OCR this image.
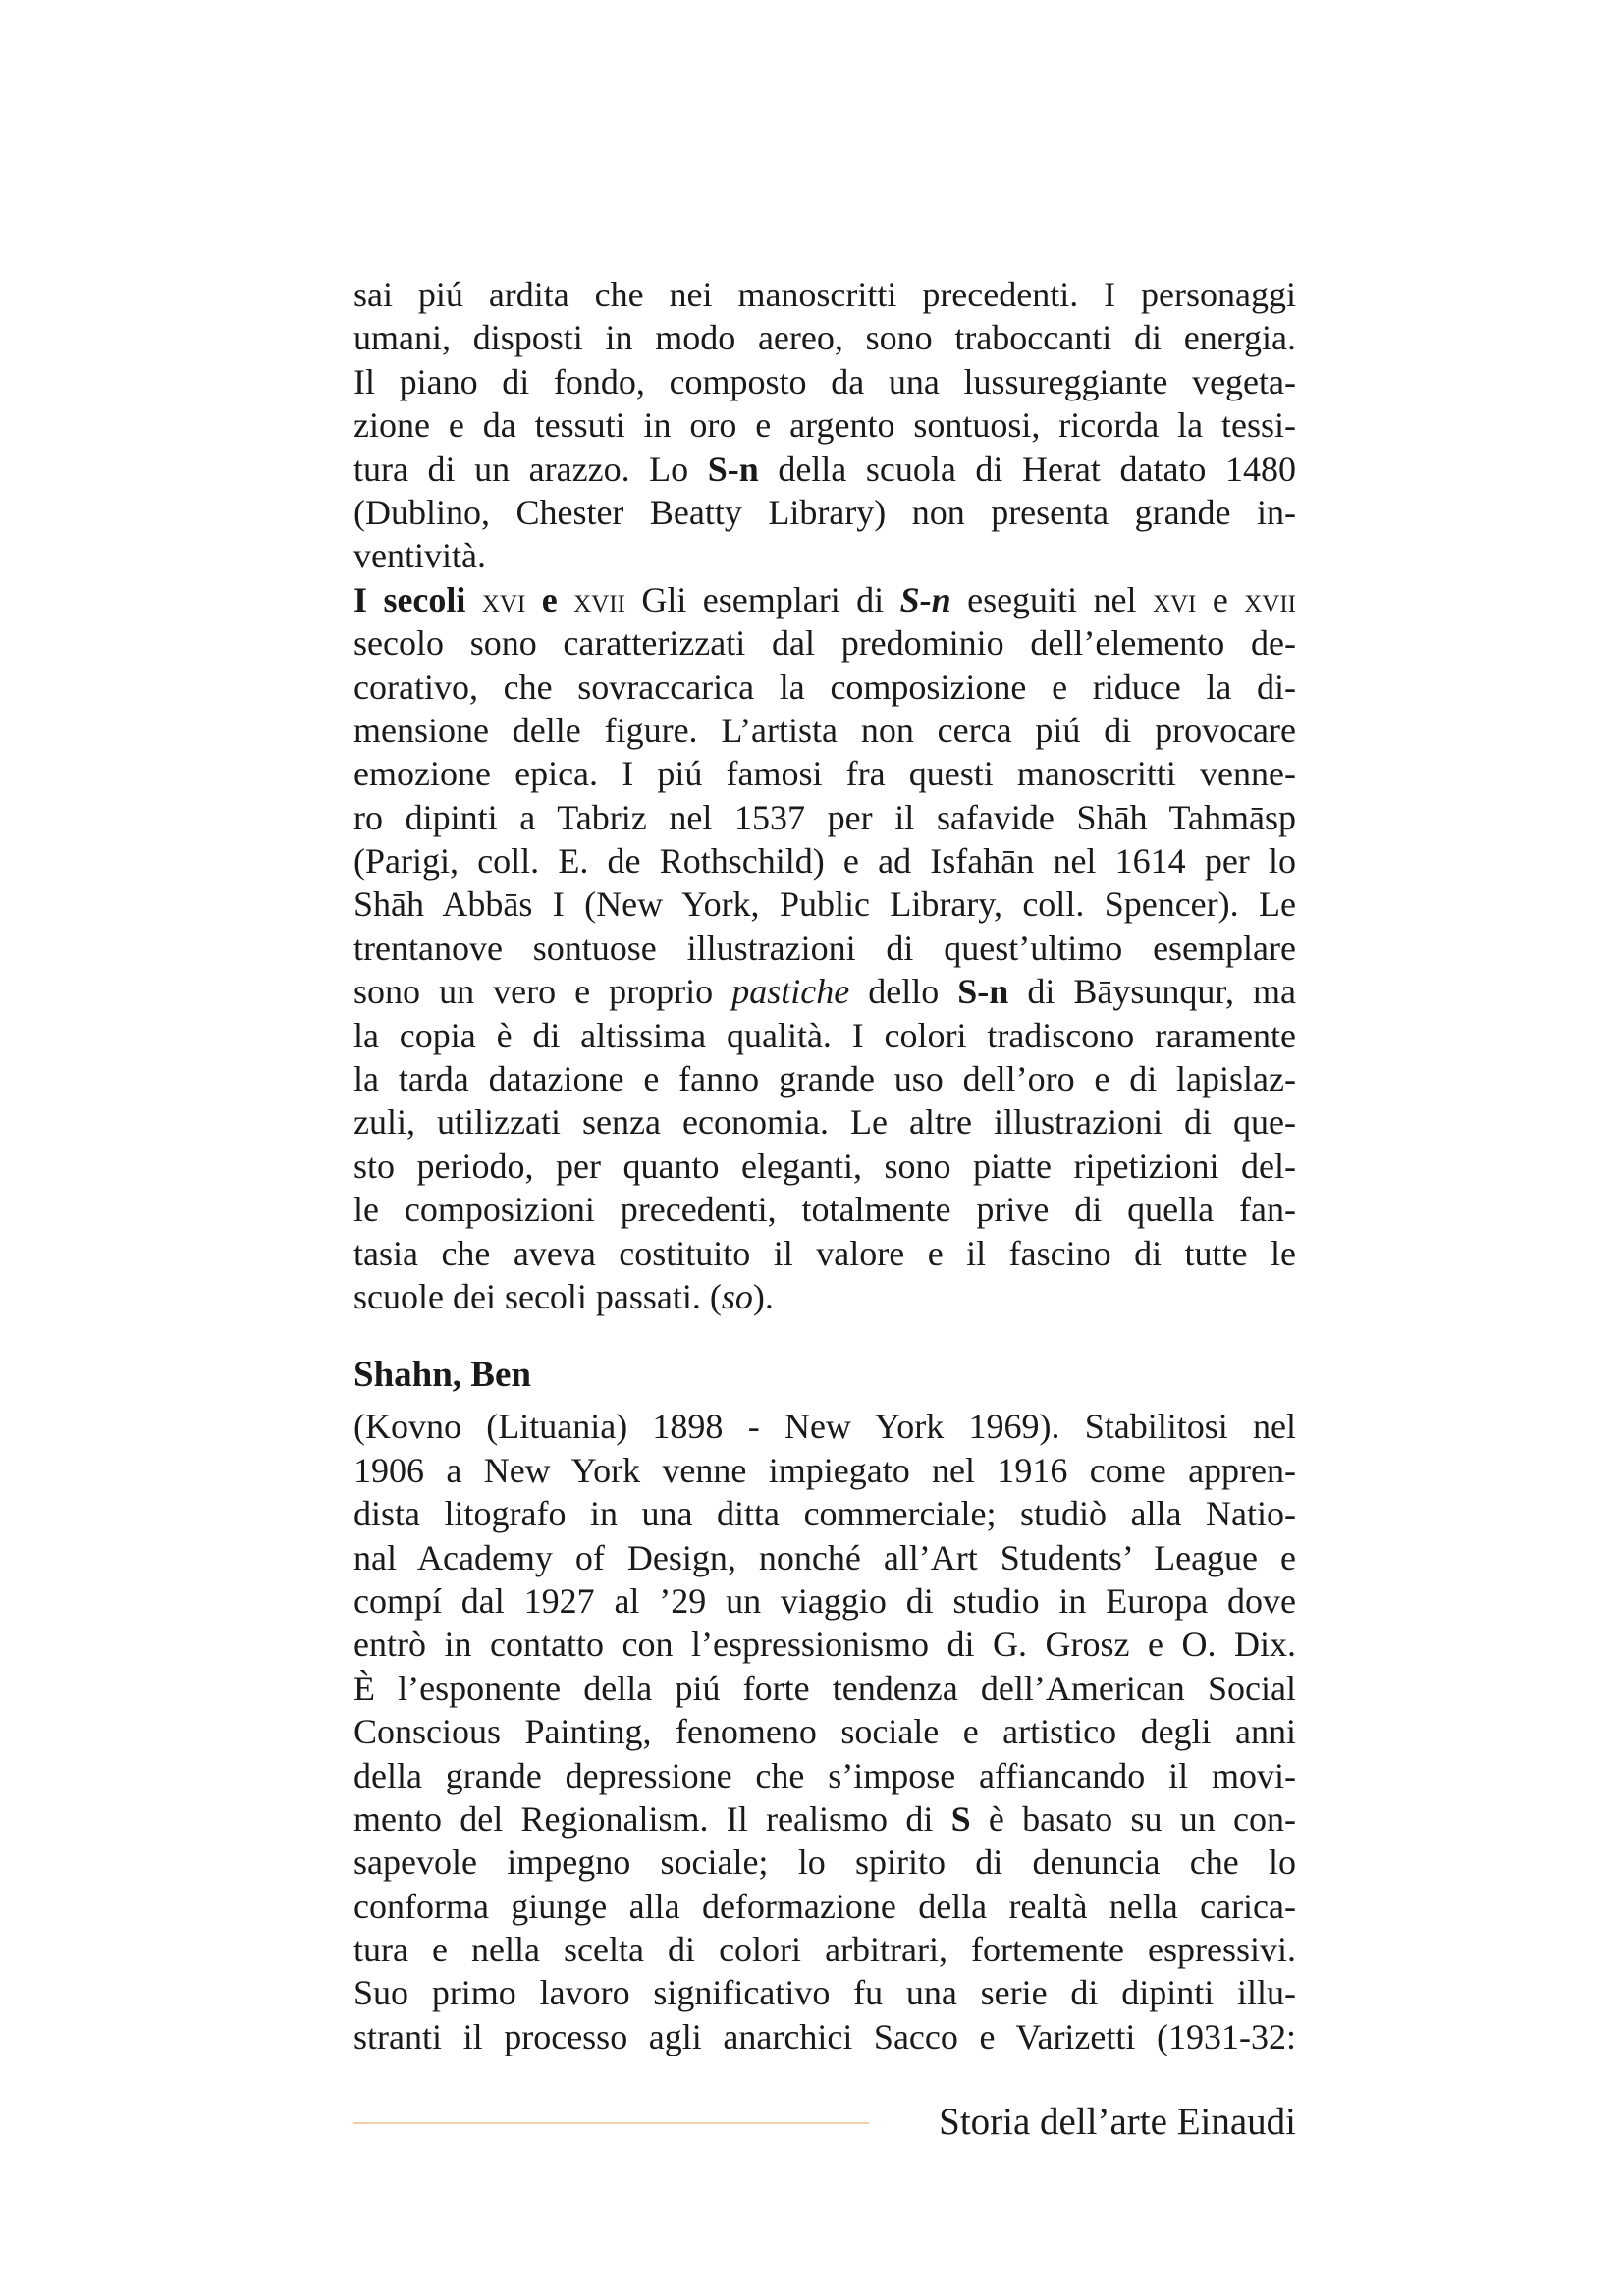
sai piú ardita che nei manoscritti precedenti. I personaggi
umani, disposti in modo aereo, sono traboccanti di energia.
Il piano di fondo, composto da una lussureggiante vegeta-
zione e da tessuti in oro e argento sontuosi, ricorda la tessi-
tura di un arazzo. Lo S-n della scuola di Herat datato 1480
(Dublino, Chester Beatty Library) non presenta grande in-
ventività.
I secoli xvi e xvii Gli esemplari di S-n eseguiti nel xvi e xvii
secolo sono caratterizzati dal predominio dell’elemento de-
corativo, che sovraccarica la composizione e riduce la di-
mensione delle figure. L’artista non cerca piú di provocare
emozione epica. I piú famosi fra questi manoscritti venne-
ro dipinti a Tabriz nel 1537 per il safavide Shāh Tahmāsp
(Parigi, coll. E. de Rothschild) e ad Isfahān nel 1614 per lo
Shāh Abbās I (New York, Public Library, coll. Spencer). Le
trentanove sontuose illustrazioni di quest’ultimo esemplare
sono un vero e proprio pastiche dello S-n di Bāysunqur, ma
la copia è di altissima qualità. I colori tradiscono raramente
la tarda datazione e fanno grande uso dell’oro e di lapislaz-
zuli, utilizzati senza economia. Le altre illustrazioni di que-
sto periodo, per quanto eleganti, sono piatte ripetizioni del-
le composizioni precedenti, totalmente prive di quella fan-
tasia che aveva costituito il valore e il fascino di tutte le
scuole dei secoli passati. (so).
Shahn, Ben
(Kovno (Lituania) 1898 - New York 1969). Stabilitosi nel
1906 a New York venne impiegato nel 1916 come appren-
dista litografo in una ditta commerciale; studiò alla Natio-
nal Academy of Design, nonché all’Art Students’ League e
compí dal 1927 al ’29 un viaggio di studio in Europa dove
entrò in contatto con l’espressionismo di G. Grosz e O. Dix.
È l’esponente della piú forte tendenza dell’American Social
Conscious Painting, fenomeno sociale e artistico degli anni
della grande depressione che s’impose affiancando il movi-
mento del Regionalism. Il realismo di S è basato su un con-
sapevole impegno sociale; lo spirito di denuncia che lo
conforma giunge alla deformazione della realtà nella carica-
tura e nella scelta di colori arbitrari, fortemente espressivi.
Suo primo lavoro significativo fu una serie di dipinti illu-
stranti il processo agli anarchici Sacco e Varizetti (1931-32:
Storia dell’arte Einaudi
